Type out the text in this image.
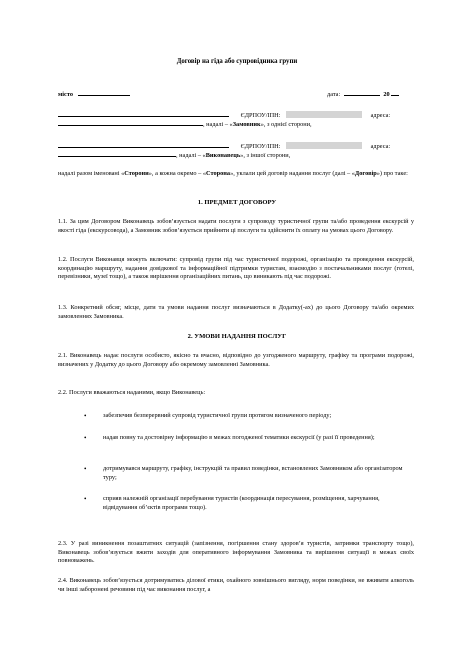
Договір на гіда або супровідника групи
місто	дата:	20
ЄДРПОУ/ІПН:	адреса:
, надалі – «Замовник», з однієї сторони,
ЄДРПОУ/ІПН:	адреса:
, надалі – «Виконавець», з іншої сторони,
надалі разом іменовані «Сторони», а кожна окремо – «Сторона», уклали цей договір надання послуг (далі – «Договір») про таке:
1. ПРЕДМЕТ ДОГОВОРУ
1.1. За цим Договором Виконавець зобов’язується надати послуги з супроводу туристичної групи та/або проведення екскурсій у якості гіда (екскурсовода), а Замовник зобов’язується прийняти ці послуги та здійснити їх оплату на умовах цього Договору.
1.2. Послуги Виконавця можуть включати: супровід групи під час туристичної подорожі, організацію та проведення екскурсій, координацію маршруту, надання довідкової та інформаційної підтримки туристам, взаємодію з постачальниками послуг (готелі, перевізники, музеї тощо), а також вирішення організаційних питань, що виникають під час подорожі.
1.3. Конкретний обсяг, місце, дати та умови надання послуг визначаються в Додатку(-ах) до цього Договору та/або окремих замовленнях Замовника.
2. УМОВИ НАДАННЯ ПОСЛУГ
2.1. Виконавець надає послуги особисто, якісно та вчасно, відповідно до узгодженого маршруту, графіку та програми подорожі, визначених у Додатку до цього Договору або окремому замовленні Замовника.
2.2. Послуги вважаються наданими, якщо Виконавець:
•	забезпечив безперервний супровід туристичної групи протягом визначеного періоду;
•	надав повну та достовірну інформацію в межах погодженої тематики екскурсії (у разі її проведення);
•	дотримувався маршруту, графіку, інструкцій та правил поведінки, встановлених Замовником або організатором туру;
•	сприяв належній організації перебування туристів (координація пересування, розміщення, харчування, відвідування об’єктів програми тощо).
2.3. У разі виникнення позаштатних ситуацій (запізнення, погіршення стану здоров’я туристів, затримки транспорту тощо), Виконавець зобов’язується вжити заходів для оперативного інформування Замовника та вирішення ситуації в межах своїх повноважень.
2.4. Виконавець зобов’язується дотримуватись ділової етики, охайного зовнішнього вигляду, норм поведінки, не вживати алкоголь чи інші заборонені речовини під час виконання послуг, а
